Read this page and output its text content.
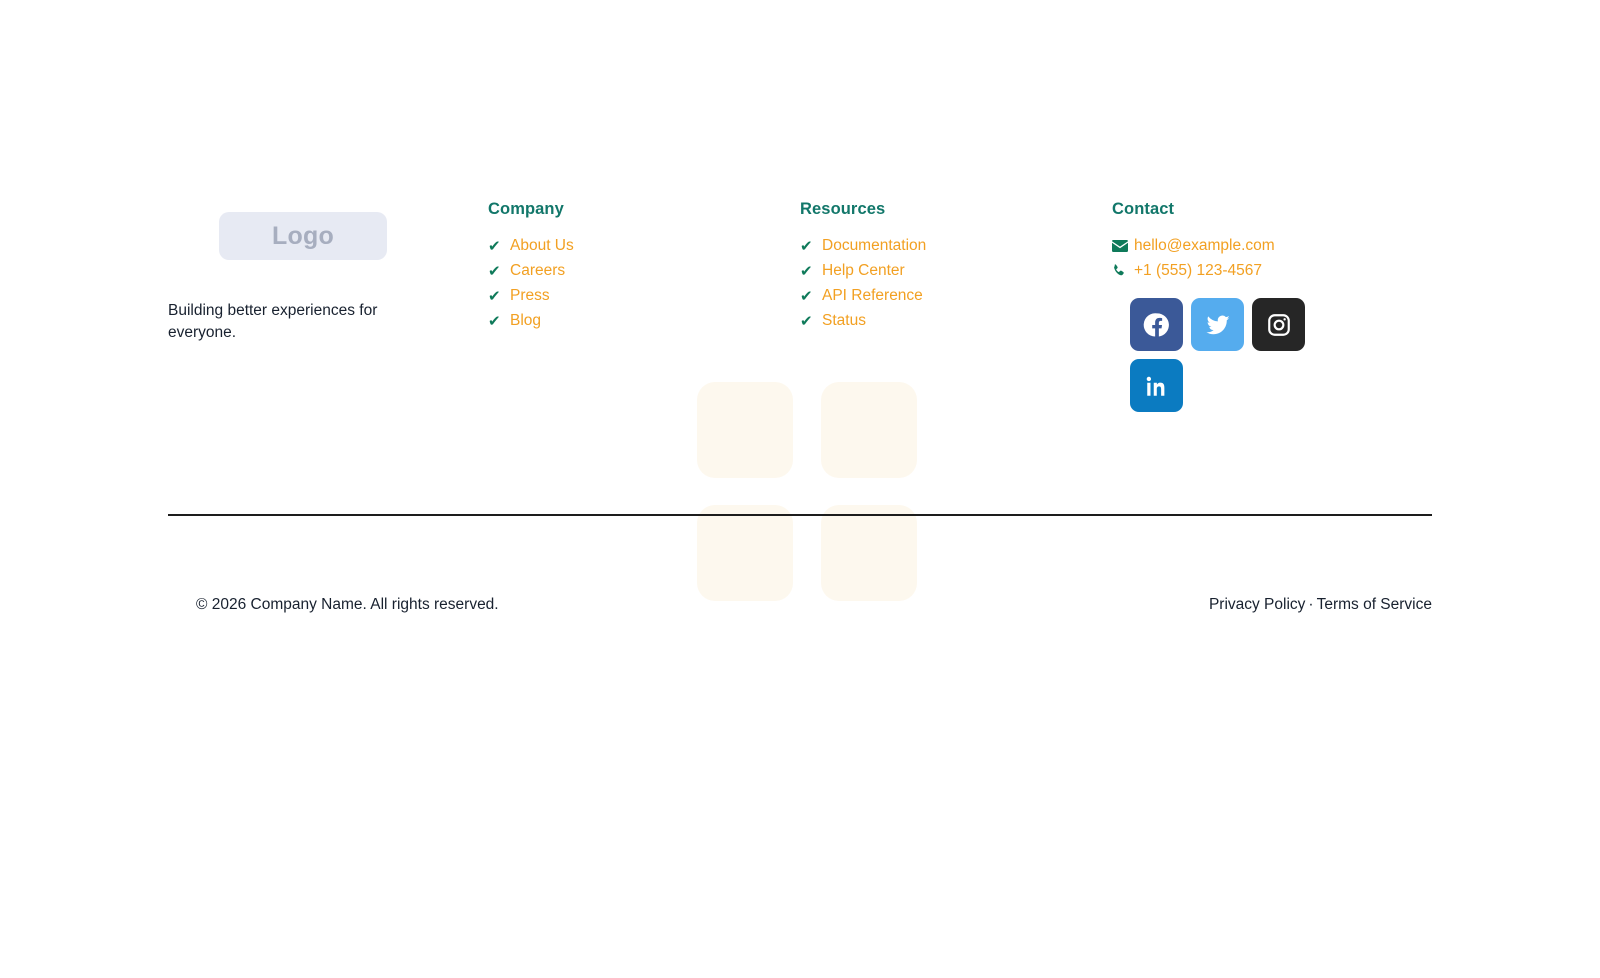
Logo
Building better experiences for everyone.
Company
✔ About Us
✔ Careers
✔ Press
✔ Blog
Resources
✔ Documentation
✔ Help Center
✔ API Reference
✔ Status
Contact
hello@example.com
+1 (555) 123-4567
© 2026 Company Name. All rights reserved.	Privacy Policy · Terms of Service
